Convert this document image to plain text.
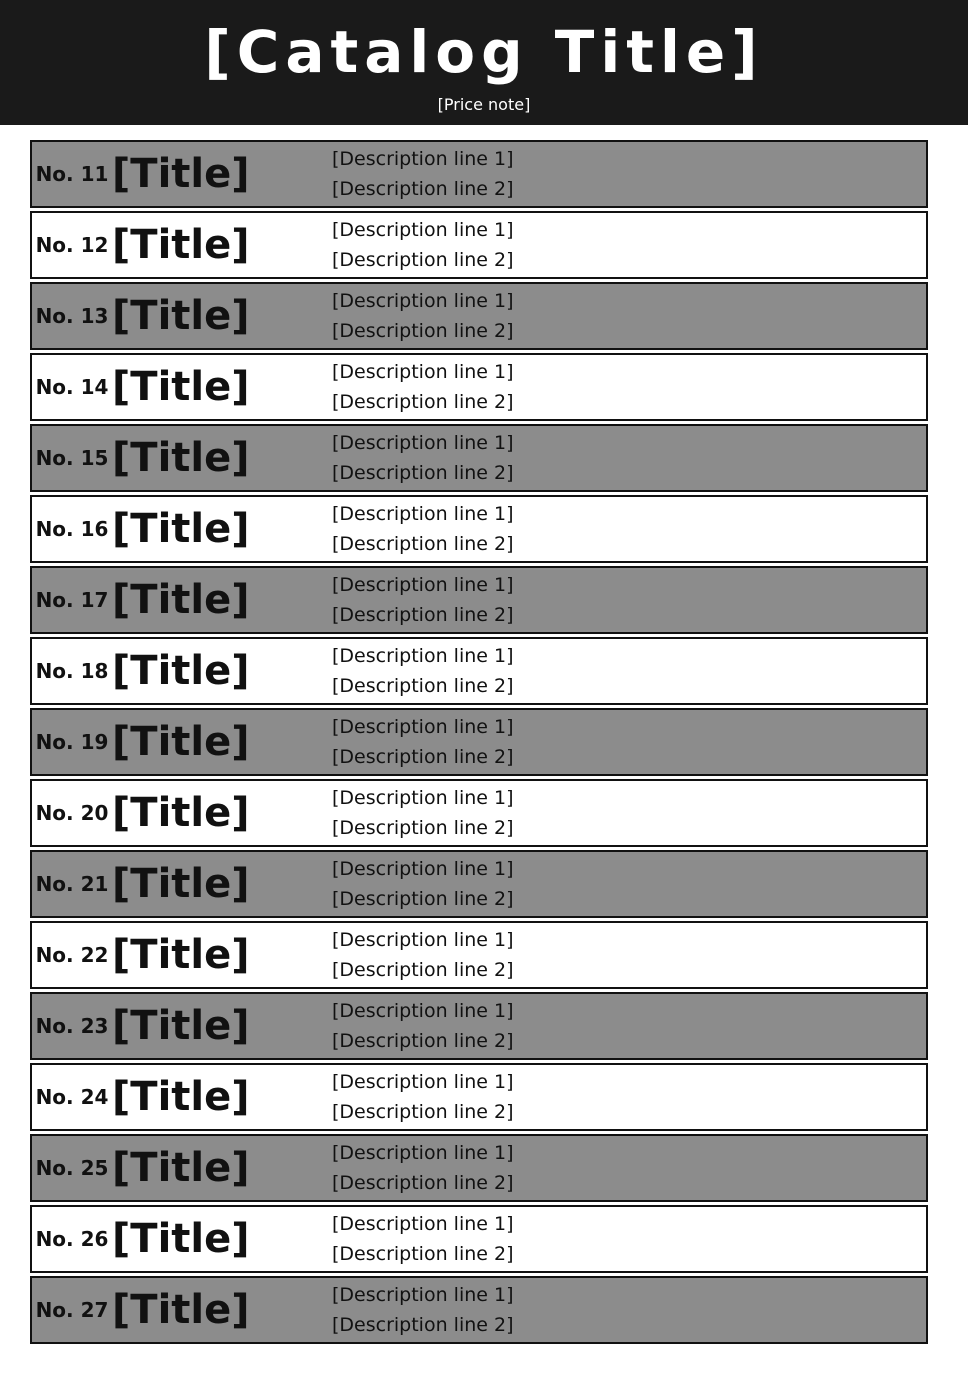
[Catalog Title]
[Price note]
No. 11 [Title]	[Description line 1]
[Description line 2]
No. 12 [Title]	[Description line 1]
[Description line 2]
No. 13 [Title]	[Description line 1]
[Description line 2]
No. 14 [Title]	[Description line 1]
[Description line 2]
No. 15 [Title]	[Description line 1]
[Description line 2]
No. 16 [Title]	[Description line 1]
[Description line 2]
No. 17 [Title]	[Description line 1]
[Description line 2]
No. 18 [Title]	[Description line 1]
[Description line 2]
No. 19 [Title]	[Description line 1]
[Description line 2]
No. 20 [Title]	[Description line 1]
[Description line 2]
No. 21 [Title]	[Description line 1]
[Description line 2]
No. 22 [Title]	[Description line 1]
[Description line 2]
No. 23 [Title]	[Description line 1]
[Description line 2]
No. 24 [Title]	[Description line 1]
[Description line 2]
No. 25 [Title]	[Description line 1]
[Description line 2]
No. 26 [Title]	[Description line 1]
[Description line 2]
No. 27 [Title]	[Description line 1]
[Description line 2]
